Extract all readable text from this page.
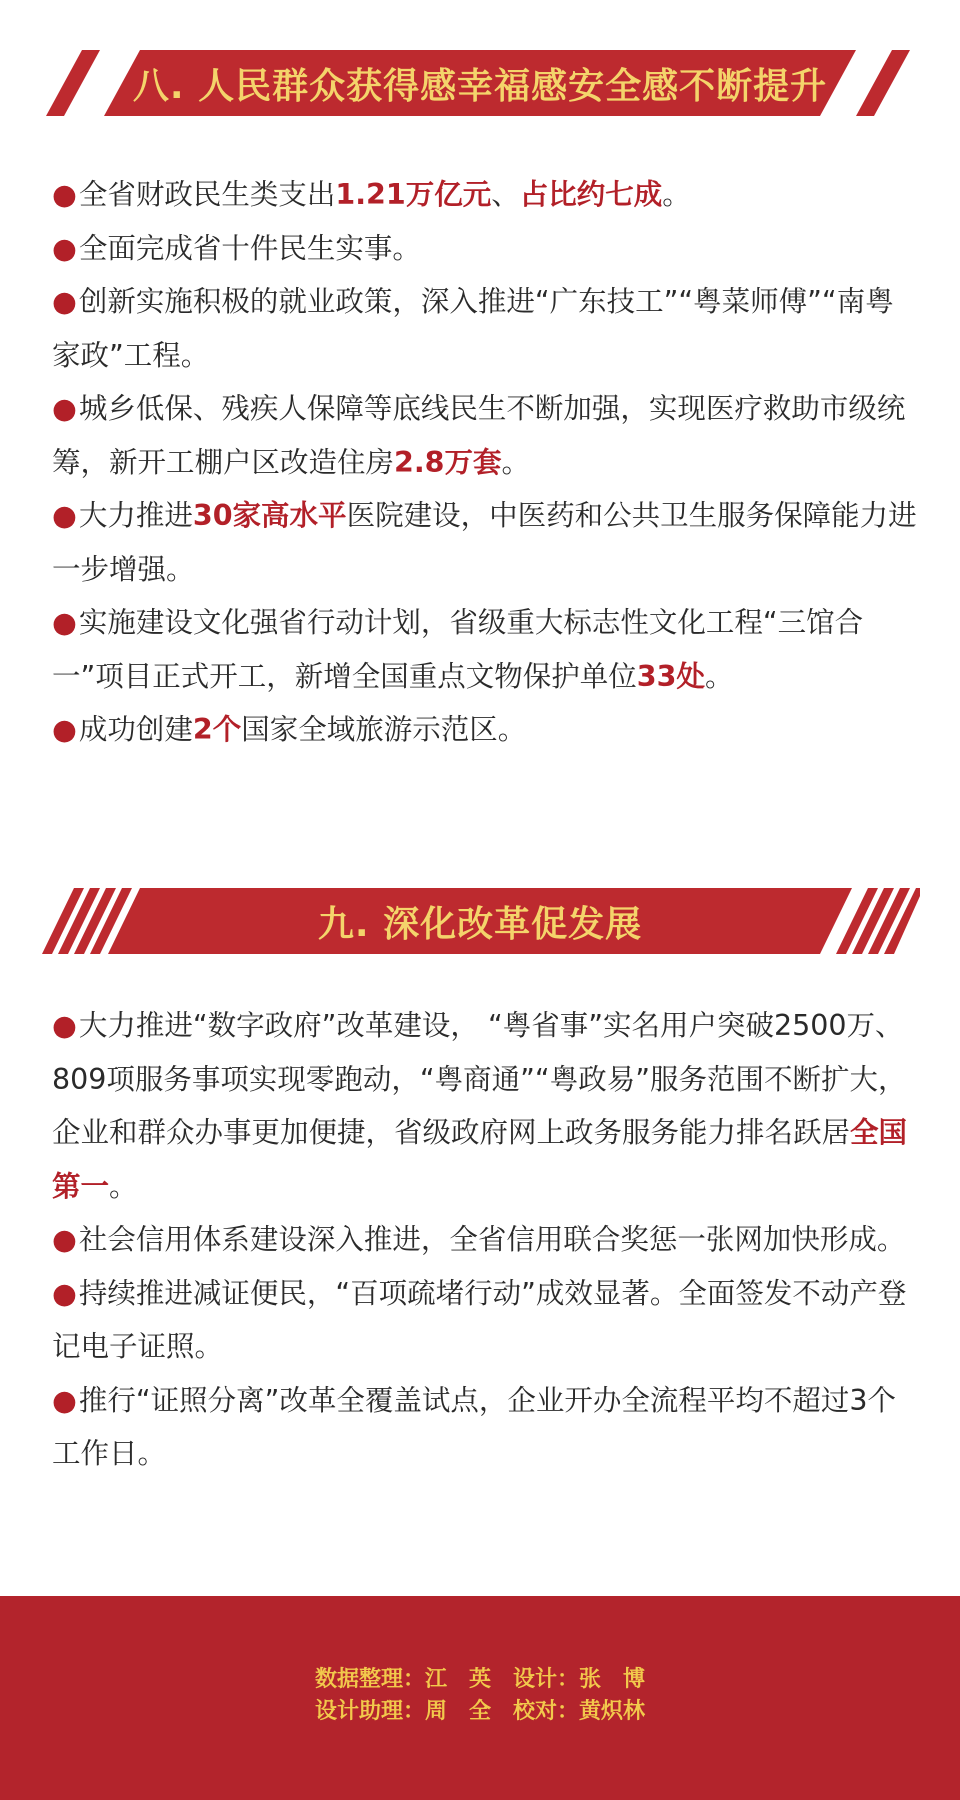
八. 人民群众获得感幸福感安全感不断提升

●全省财政民生类支出1.21万亿元、占比约七成。

●全面完成省十件民生实事。

●创新实施积极的就业政策，深入推进“广东技工”“粤菜师傅”“南粤家政”工程。

●城乡低保、残疾人保障等底线民生不断加强，实现医疗救助市级统筹，新开工棚户区改造住房2.8万套。

●大力推进30家高水平医院建设，中医药和公共卫生服务保障能力进一步增强。

●实施建设文化强省行动计划，省级重大标志性文化工程“三馆合一”项目正式开工，新增全国重点文物保护单位33处。

●成功创建2个国家全域旅游示范区。

九. 深化改革促发展

●大力推进“数字政府”改革建设， “粤省事”实名用户突破2500万、809项服务事项实现零跑动，“粤商通”“粤政易”服务范围不断扩大，企业和群众办事更加便捷，省级政府网上政务服务能力排名跃居全国第一。

●社会信用体系建设深入推进，全省信用联合奖惩一张网加快形成。

●持续推进减证便民，“百项疏堵行动”成效显著。全面签发不动产登记电子证照。

●推行“证照分离”改革全覆盖试点，企业开办全流程平均不超过3个工作日。

数据整理：江　英　设计：张　博
设计助理：周　全　校对：黄炽林
